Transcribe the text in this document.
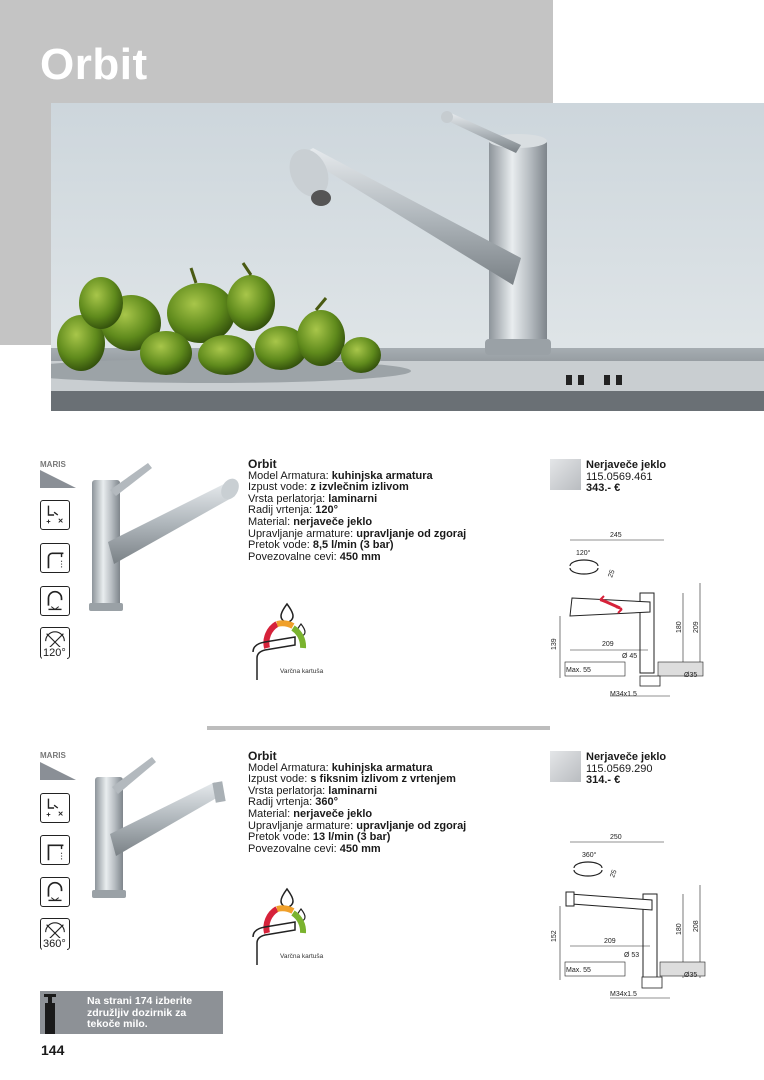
Orbit
MARIS
120°
Orbit
Model Armatura: kuhinjska armatura
Izpust vode: z izvlečnim izlivom
Vrsta perlatorja: laminarni
Radij vrtenja: 120°
Material: nerjaveče jeklo
Upravljanje armature: upravljanje od zgoraj
Pretok vode: 8,5 l/min (3 bar)
Povezovalne cevi: 450 mm
Varčna kartuša
Nerjaveče jeklo
115.0569.461
343.- €
245
120°
25
139	209
180 209
Ø 45
Max. 55
Ø35
M34x1.5
MARIS
360°
Orbit
Model Armatura: kuhinjska armatura
Izpust vode: s fiksnim izlivom z vrtenjem
Vrsta perlatorja: laminarni
Radij vrtenja: 360°
Material: nerjaveče jeklo
Upravljanje armature: upravljanje od zgoraj
Pretok vode: 13 l/min (3 bar)
Povezovalne cevi: 450 mm
Varčna kartuša
Nerjaveče jeklo
115.0569.290
314.- €
250
360°
25
152	209
180 208
Ø 53
Max. 55
Ø35
M34x1.5
Na strani 174 izberite združljiv dozirnik za tekoče milo.
144
